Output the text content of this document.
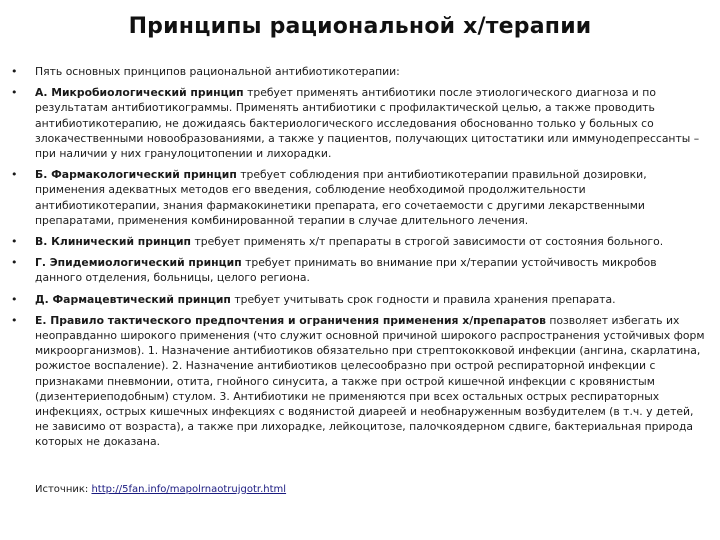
Принципы рациональной х/терапии
• Пять основных принципов рациональной антибиотикотерапии:
• А. Микробиологический принцип требует применять антибиотики после этиологического диагноза и по результатам антибиотикограммы. Применять антибиотики с профилактической целью, а также проводить антибиотикотерапию, не дожидаясь бактериологического исследования обоснованно только у больных со злокачественными новообразованиями, а также у пациентов, получающих цитостатики или иммунодепрессанты – при наличии у них гранулоцитопении и лихорадки.
• Б. Фармакологический принцип требует соблюдения при антибиотикотерапии правильной дозировки, применения адекватных методов его введения, соблюдение необходимой продолжительности антибиотикотерапии, знания фармакокинетики препарата, его сочетаемости с другими лекарственными препаратами, применения комбинированной терапии в случае длительного лечения.
• В. Клинический принцип требует применять х/т препараты в строгой зависимости от состояния больного.
• Г. Эпидемиологический принцип требует принимать во внимание при х/терапии устойчивость микробов данного отделения, больницы, целого региона.
• Д. Фармацевтический принцип требует учитывать срок годности и правила хранения препарата.
• Е. Правило тактического предпочтения и ограничения применения х/препаратов позволяет избегать их неоправданно широкого применения (что служит основной причиной широкого распространения устойчивых форм микроорганизмов). 1. Назначение антибиотиков обязательно при стрептококковой инфекции (ангина, скарлатина, рожистое воспаление). 2. Назначение антибиотиков целесообразно при острой респираторной инфекции с признаками пневмонии, отита, гнойного синусита, а также при острой кишечной инфекции с кровянистым (дизентериеподобным) стулом. 3. Антибиотики не применяются при всех остальных острых респираторных инфекциях, острых кишечных инфекциях с водянистой диареей и необнаруженным возбудителем (в т.ч. у детей, не зависимо от возраста), а также при лихорадке, лейкоцитозе, палочкоядерном сдвиге, бактериальная природа которых не доказана.
Источник: http://5fan.info/mapolrnaotrujgotr.html
